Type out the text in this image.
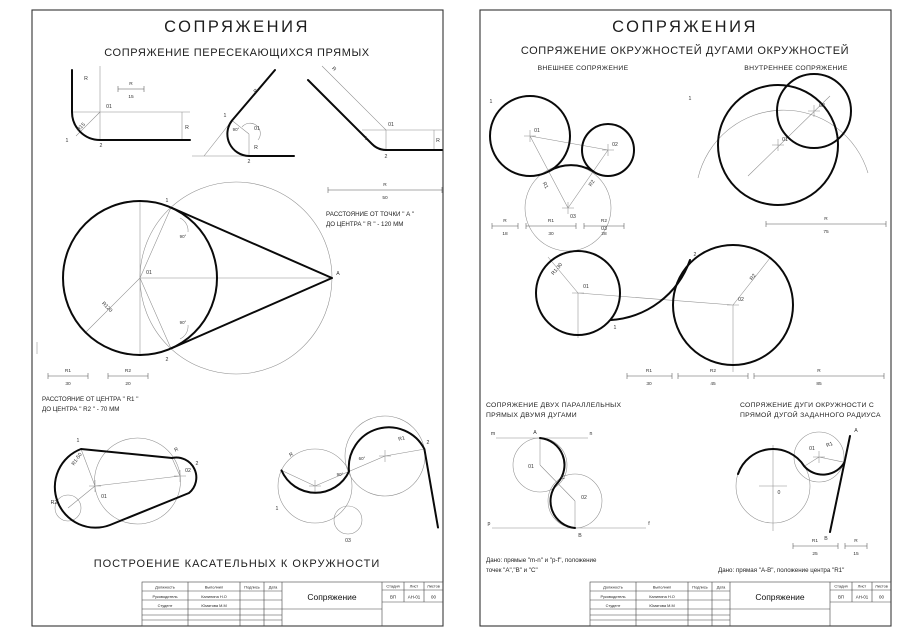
СОПРЯЖЕНИЯ
СОПРЯЖЕНИЕ ПЕРЕСЕКАЮЩИХСЯ ПРЯМЫХ
R
R
15
01
R
R15
1
2
R
90°	01
R
1
2
R
01
R
1
2
01
R120
90°
90°
1
2
A
R
50
РАССТОЯНИЕ ОТ ТОЧКИ " А "
ДО ЦЕНТРА " R " - 120 ММ
R1
30
R2
20
РАССТОЯНИЕ ОТ ЦЕНТРА " R1 "
ДО ЦЕНТРА " R2 " - 70 ММ
R1-50
01
02
R
R2
1
2
60°
90°
R1
R
03
1
2
ПОСТРОЕНИЕ КАСАТЕЛЬНЫХ К ОКРУЖНОСТИ
Должность	Выполнил	Подпись Дата
Руководитель	Калинина Н.О
Студент	Юматова М.М
Сопряжение
Стадия	Лист Листов
ВП	АН-01 00
СОПРЯЖЕНИЯ
СОПРЯЖЕНИЕ ОКРУЖНОСТЕЙ ДУГАМИ ОКРУЖНОСТЕЙ
ВНЕШНЕЕ СОПРЯЖЕНИЕ	ВНУТРЕННЕЕ СОПРЯЖЕНИЕ
1
01
02
03
R1	R2
R
18
R1
30
R2
28
1
01
02
R
75
R1-30
R2
01
02
03
1
2
R1
30
R2
45
R
85
СОПРЯЖЕНИЕ ДВУХ ПАРАЛЛЕЛЬНЫХ
ПРЯМЫХ ДВУМЯ ДУГАМИ
m	n
p	f
А
В
С
01
02
Дано: прямые "m-n" и "p-f", положение
точек "А","В" и "С"
СОПРЯЖЕНИЕ ДУГИ ОКРУЖНОСТИ С
ПРЯМОЙ ДУГОЙ ЗАДАННОГО РАДИУСА
А
В
R1
0
01
R1
25
R
15
Дано: прямая "А-В", положение центра "R1"
Должность	Выполнил	Подпись Дата
Руководитель	Калинина Н.О
Студент	Юматова М.М
Сопряжение
Стадия	Лист Листов
ВП	АН-01 00
